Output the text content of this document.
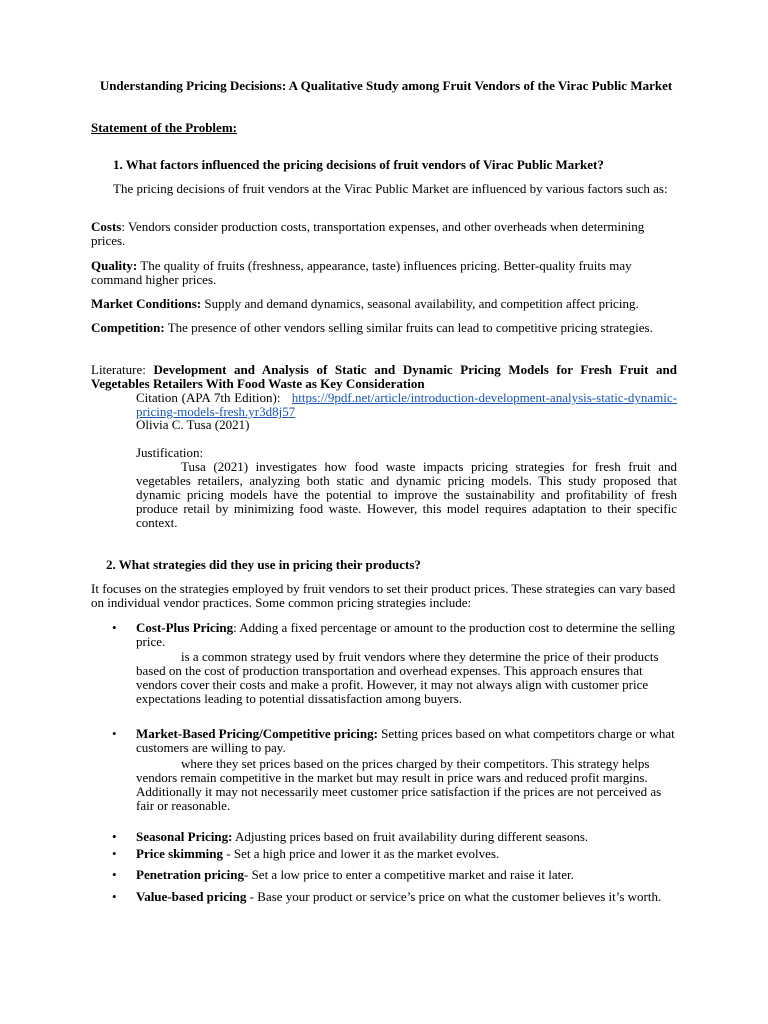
Understanding Pricing Decisions: A Qualitative Study among Fruit Vendors of the Virac Public Market
Statement of the Problem:
1. What factors influenced the pricing decisions of fruit vendors of Virac Public Market?
The pricing decisions of fruit vendors at the Virac Public Market are influenced by various factors such as:
Costs: Vendors consider production costs, transportation expenses, and other overheads when determining prices.
Quality: The quality of fruits (freshness, appearance, taste) influences pricing. Better-quality fruits may command higher prices.
Market Conditions: Supply and demand dynamics, seasonal availability, and competition affect pricing.
Competition: The presence of other vendors selling similar fruits can lead to competitive pricing strategies.
Literature: Development and Analysis of Static and Dynamic Pricing Models for Fresh Fruit and Vegetables Retailers With Food Waste as Key Consideration
Citation (APA 7th Edition): https://9pdf.net/article/introduction-development-analysis-static-dynamic-pricing-models-fresh.yr3d8j57
Olivia C. Tusa (2021)
Justification:
Tusa (2021) investigates how food waste impacts pricing strategies for fresh fruit and vegetables retailers, analyzing both static and dynamic pricing models. This study proposed that dynamic pricing models have the potential to improve the sustainability and profitability of fresh produce retail by minimizing food waste. However, this model requires adaptation to their specific context.
2. What strategies did they use in pricing their products?
It focuses on the strategies employed by fruit vendors to set their product prices. These strategies can vary based on individual vendor practices. Some common pricing strategies include:
•
Cost-Plus Pricing: Adding a fixed percentage or amount to the production cost to determine the selling price.
is a common strategy used by fruit vendors where they determine the price of their products based on the cost of production transportation and overhead expenses. This approach ensures that vendors cover their costs and make a profit. However, it may not always align with customer price expectations leading to potential dissatisfaction among buyers.
•
Market-Based Pricing/Competitive pricing: Setting prices based on what competitors charge or what customers are willing to pay.
where they set prices based on the prices charged by their competitors. This strategy helps vendors remain competitive in the market but may result in price wars and reduced profit margins. Additionally it may not necessarily meet customer price satisfaction if the prices are not perceived as fair or reasonable.
•
Seasonal Pricing: Adjusting prices based on fruit availability during different seasons.
•
Price skimming - Set a high price and lower it as the market evolves.
•
Penetration pricing- Set a low price to enter a competitive market and raise it later.
•
Value-based pricing - Base your product or service’s price on what the customer believes it’s worth.
